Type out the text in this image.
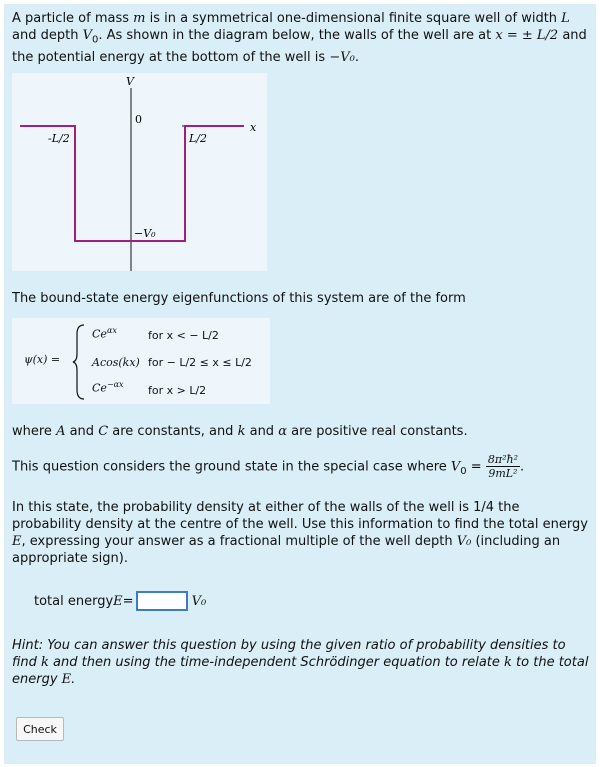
A particle of mass m is in a symmetrical one-dimensional finite square well of width L
and depth $V_0$. As shown in the diagram below, the walls of the well are at x = ± L/2 and the potential energy at the bottom of the well is −V₀.
V
0
x
-L/2	L/2
−V₀
The bound-state energy eigenfunctions of this system are of the form
ψ(x) =
$Ce^{\alpha x}$	for x < − L/2
Acos(kx) for − L/2 ≤ x ≤ L/2
$Ce^{-\alpha x}$ for x > L/2
where A and C are constants, and k and α are positive real constants.
This question considers the ground state in the special case where $V_0 = \frac{\text{8π²ħ²}}{\text{9mL²}}$ .
In this state, the probability density at either of the walls of the well is 1/4 the probability density at the centre of the well. Use this information to find the total energy E, expressing your answer as a fractional multiple of the well depth V₀ (including an appropriate sign).
total energy E =	V₀
Hint: You can answer this question by using the given ratio of probability densities to find k and then using the time-independent Schrödinger equation to relate k to the total energy E.
Check
